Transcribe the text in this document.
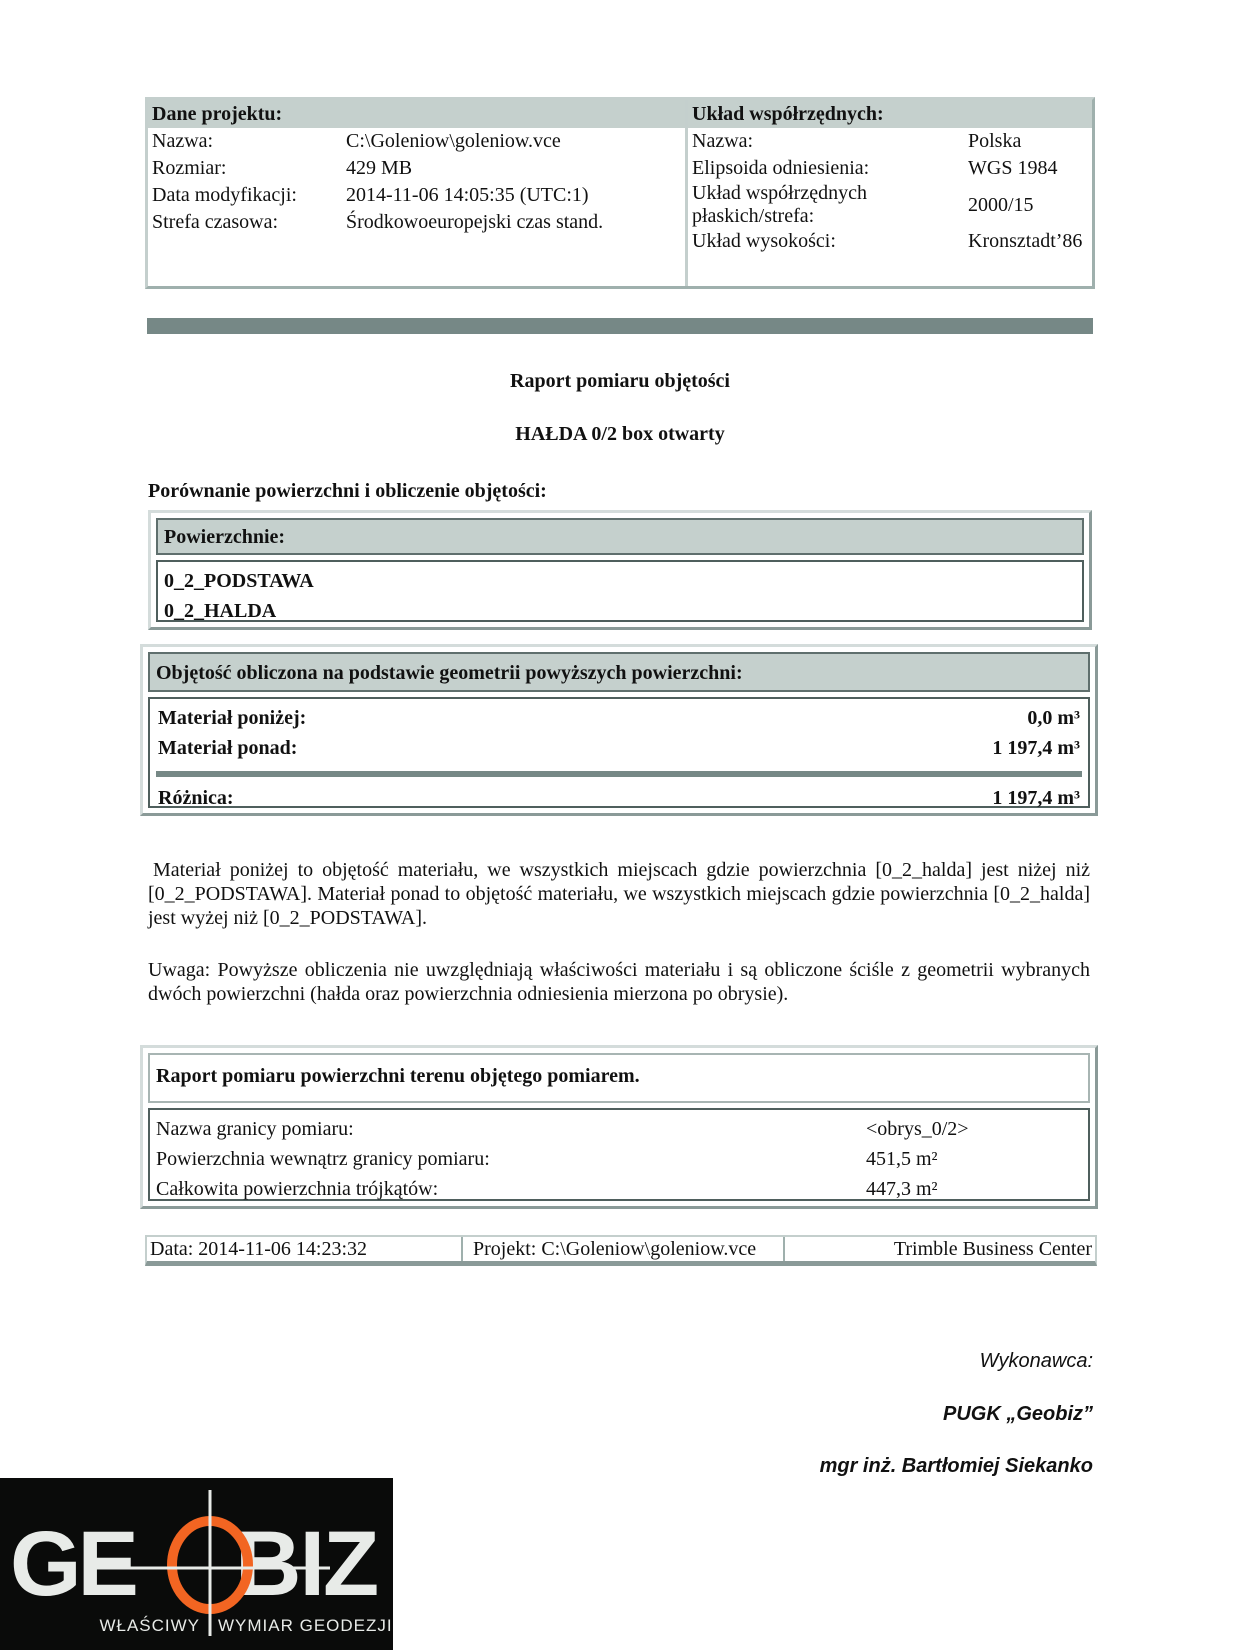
Dane projektu:
Nazwa:	C:\Goleniow\goleniow.vce
Rozmiar:	429 MB
Data modyfikacji:	2014-11-06 14:05:35 (UTC:1)
Strefa czasowa:	Środkowoeuropejski czas stand.
Układ współrzędnych:
Nazwa:	Polska
Elipsoida odniesienia:	WGS 1984
Układ współrzędnych płaskich/strefa:	2000/15
Układ wysokości:	Kronsztadt’86
Raport pomiaru objętości
HAŁDA 0/2 box otwarty
Porównanie powierzchni i obliczenie objętości:
Powierzchnie:
0_2_PODSTAWA
0_2_HALDA
Objętość obliczona na podstawie geometrii powyższych powierzchni:
Materiał poniżej:	0,0 m³
Materiał ponad:	1 197,4 m³
Różnica:	1 197,4 m³
Materiał poniżej to objętość materiału, we wszystkich miejscach gdzie powierzchnia [0_2_halda] jest niżej niż [0_2_PODSTAWA]. Materiał ponad to objętość materiału, we wszystkich miejscach gdzie powierzchnia [0_2_halda] jest wyżej niż [0_2_PODSTAWA].
Uwaga: Powyższe obliczenia nie uwzględniają właściwości materiału i są obliczone ściśle z geometrii wybranych dwóch powierzchni (hałda oraz powierzchnia odniesienia mierzona po obrysie).
Raport pomiaru powierzchni terenu objętego pomiarem.
Nazwa granicy pomiaru:	<obrys_0/2>
Powierzchnia wewnątrz granicy pomiaru:	451,5 m²
Całkowita powierzchnia trójkątów:	447,3 m²
Data: 2014-11-06 14:23:32	Projekt: C:\Goleniow\goleniow.vce	Trimble Business Center
Wykonawca:
PUGK „Geobiz”
mgr inż. Bartłomiej Siekanko
GE BIZ
WŁAŚCIWY WYMIAR GEODEZJI
